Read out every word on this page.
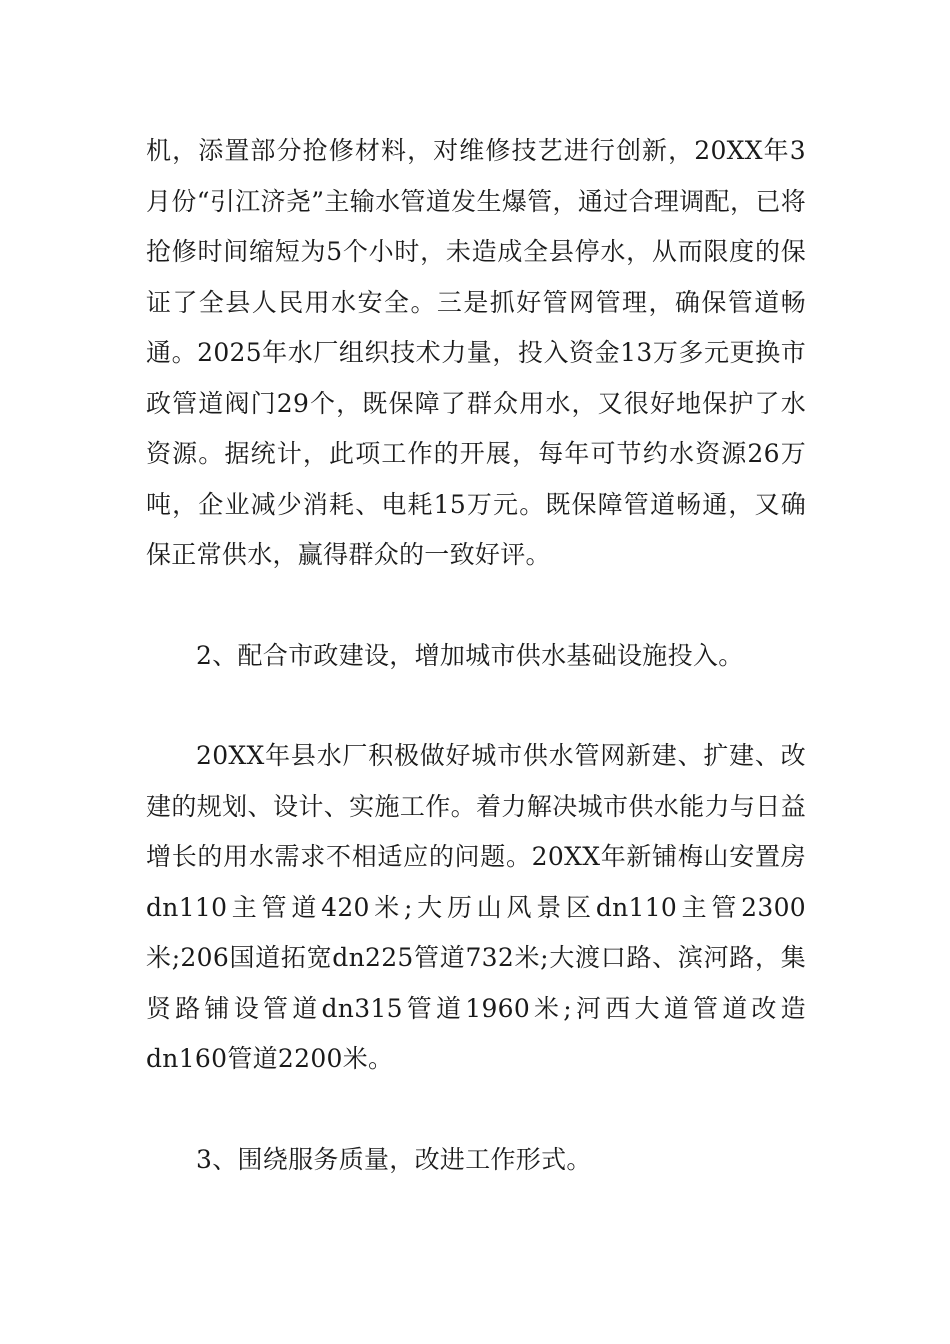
机，添置部分抢修材料，对维修技艺进行创新，20XX年3月份“引江济尧”主输水管道发生爆管，通过合理调配，已将抢修时间缩短为5个小时，未造成全县停水，从而限度的保证了全县人民用水安全。三是抓好管网管理，确保管道畅通。2025年水厂组织技术力量，投入资金13万多元更换市政管道阀门29个，既保障了群众用水，又很好地保护了水资源。据统计，此项工作的开展，每年可节约水资源26万吨，企业减少消耗、电耗15万元。既保障管道畅通，又确保正常供水，赢得群众的一致好评。

2、配合市政建设，增加城市供水基础设施投入。

20XX年县水厂积极做好城市供水管网新建、扩建、改建的规划、设计、实施工作。着力解决城市供水能力与日益增长的用水需求不相适应的问题。20XX年新铺梅山安置房dn110主管道420米;大历山风景区dn110主管2300米;206国道拓宽dn225管道732米;大渡口路、滨河路，集贤路铺设管道dn315管道1960米;河西大道管道改造dn160管道2200米。

3、围绕服务质量，改进工作形式。
